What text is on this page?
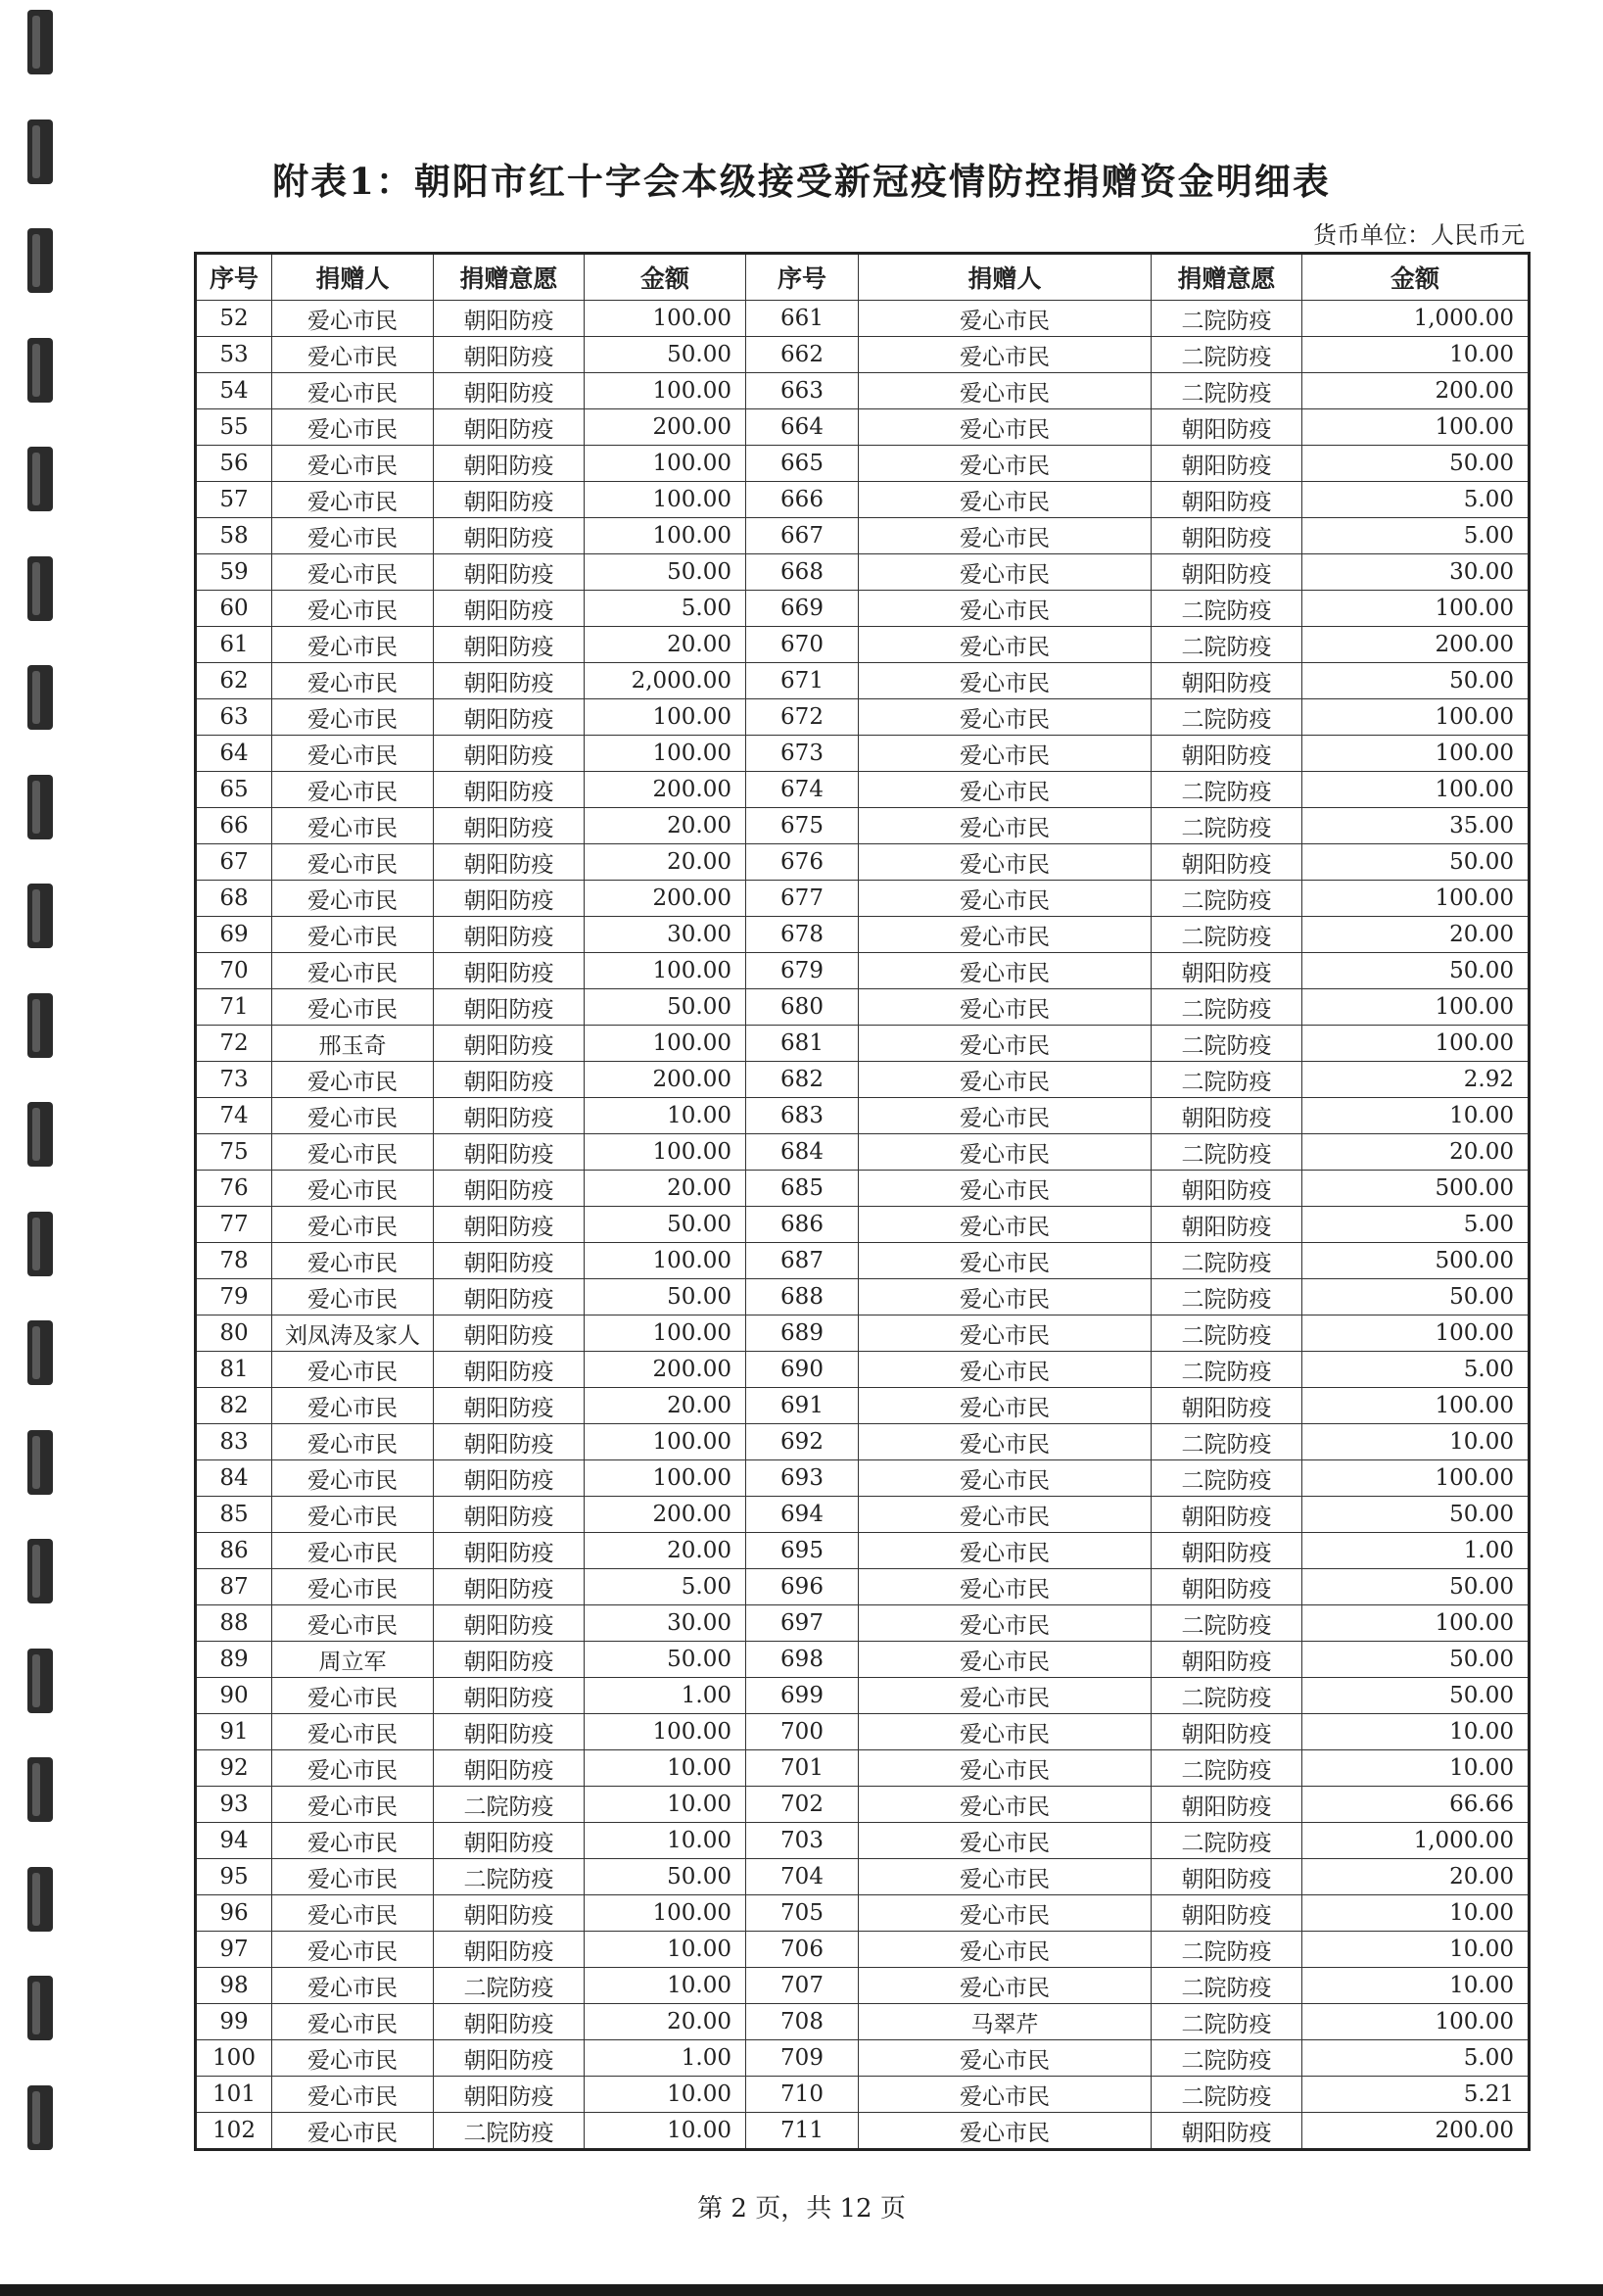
附表1：朝阳市红十字会本级接受新冠疫情防控捐赠资金明细表
货币单位：人民币元
序号	捐赠人	捐赠意愿	金额	序号	捐赠人	捐赠意愿	金额
52	爱心市民	朝阳防疫	100.00	661	爱心市民	二院防疫	1,000.00
53	爱心市民	朝阳防疫	50.00	662	爱心市民	二院防疫	10.00
54	爱心市民	朝阳防疫	100.00	663	爱心市民	二院防疫	200.00
55	爱心市民	朝阳防疫	200.00	664	爱心市民	朝阳防疫	100.00
56	爱心市民	朝阳防疫	100.00	665	爱心市民	朝阳防疫	50.00
57	爱心市民	朝阳防疫	100.00	666	爱心市民	朝阳防疫	5.00
58	爱心市民	朝阳防疫	100.00	667	爱心市民	朝阳防疫	5.00
59	爱心市民	朝阳防疫	50.00	668	爱心市民	朝阳防疫	30.00
60	爱心市民	朝阳防疫	5.00	669	爱心市民	二院防疫	100.00
61	爱心市民	朝阳防疫	20.00	670	爱心市民	二院防疫	200.00
62	爱心市民	朝阳防疫	2,000.00	671	爱心市民	朝阳防疫	50.00
63	爱心市民	朝阳防疫	100.00	672	爱心市民	二院防疫	100.00
64	爱心市民	朝阳防疫	100.00	673	爱心市民	朝阳防疫	100.00
65	爱心市民	朝阳防疫	200.00	674	爱心市民	二院防疫	100.00
66	爱心市民	朝阳防疫	20.00	675	爱心市民	二院防疫	35.00
67	爱心市民	朝阳防疫	20.00	676	爱心市民	朝阳防疫	50.00
68	爱心市民	朝阳防疫	200.00	677	爱心市民	二院防疫	100.00
69	爱心市民	朝阳防疫	30.00	678	爱心市民	二院防疫	20.00
70	爱心市民	朝阳防疫	100.00	679	爱心市民	朝阳防疫	50.00
71	爱心市民	朝阳防疫	50.00	680	爱心市民	二院防疫	100.00
72	邢玉奇	朝阳防疫	100.00	681	爱心市民	二院防疫	100.00
73	爱心市民	朝阳防疫	200.00	682	爱心市民	二院防疫	2.92
74	爱心市民	朝阳防疫	10.00	683	爱心市民	朝阳防疫	10.00
75	爱心市民	朝阳防疫	100.00	684	爱心市民	二院防疫	20.00
76	爱心市民	朝阳防疫	20.00	685	爱心市民	朝阳防疫	500.00
77	爱心市民	朝阳防疫	50.00	686	爱心市民	朝阳防疫	5.00
78	爱心市民	朝阳防疫	100.00	687	爱心市民	二院防疫	500.00
79	爱心市民	朝阳防疫	50.00	688	爱心市民	二院防疫	50.00
80	刘凤涛及家人	朝阳防疫	100.00	689	爱心市民	二院防疫	100.00
81	爱心市民	朝阳防疫	200.00	690	爱心市民	二院防疫	5.00
82	爱心市民	朝阳防疫	20.00	691	爱心市民	朝阳防疫	100.00
83	爱心市民	朝阳防疫	100.00	692	爱心市民	二院防疫	10.00
84	爱心市民	朝阳防疫	100.00	693	爱心市民	二院防疫	100.00
85	爱心市民	朝阳防疫	200.00	694	爱心市民	朝阳防疫	50.00
86	爱心市民	朝阳防疫	20.00	695	爱心市民	朝阳防疫	1.00
87	爱心市民	朝阳防疫	5.00	696	爱心市民	朝阳防疫	50.00
88	爱心市民	朝阳防疫	30.00	697	爱心市民	二院防疫	100.00
89	周立军	朝阳防疫	50.00	698	爱心市民	朝阳防疫	50.00
90	爱心市民	朝阳防疫	1.00	699	爱心市民	二院防疫	50.00
91	爱心市民	朝阳防疫	100.00	700	爱心市民	朝阳防疫	10.00
92	爱心市民	朝阳防疫	10.00	701	爱心市民	二院防疫	10.00
93	爱心市民	二院防疫	10.00	702	爱心市民	朝阳防疫	66.66
94	爱心市民	朝阳防疫	10.00	703	爱心市民	二院防疫	1,000.00
95	爱心市民	二院防疫	50.00	704	爱心市民	朝阳防疫	20.00
96	爱心市民	朝阳防疫	100.00	705	爱心市民	朝阳防疫	10.00
97	爱心市民	朝阳防疫	10.00	706	爱心市民	二院防疫	10.00
98	爱心市民	二院防疫	10.00	707	爱心市民	二院防疫	10.00
99	爱心市民	朝阳防疫	20.00	708	马翠芹	二院防疫	100.00
100	爱心市民	朝阳防疫	1.00	709	爱心市民	二院防疫	5.00
101	爱心市民	朝阳防疫	10.00	710	爱心市民	二院防疫	5.21
102	爱心市民	二院防疫	10.00	711	爱心市民	朝阳防疫	200.00
第 2 页，共 12 页
